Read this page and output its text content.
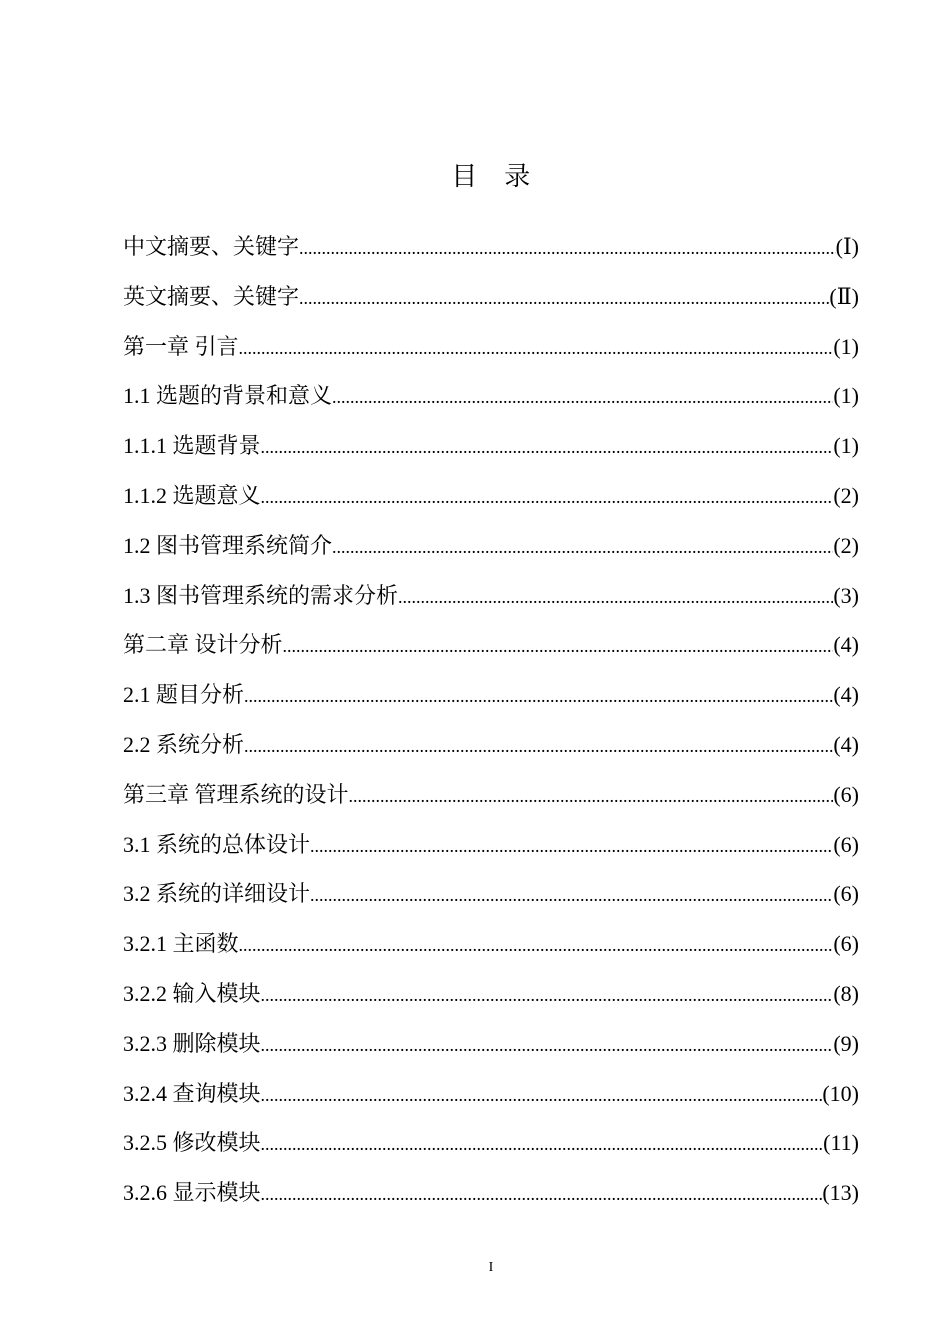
目　录
中文摘要、关键字 .....	(Ⅰ)
英文摘要、关键字 .....	(Ⅱ)
第一章 引言 .....	(1)
1.1 选题的背景和意义 .....	(1)
1.1.1 选题背景 .....	(1)
1.1.2 选题意义 .....	(2)
1.2 图书管理系统简介 .....	(2)
1.3 图书管理系统的需求分析 .....	(3)
第二章 设计分析 .....	(4)
2.1 题目分析 .....	(4)
2.2 系统分析 .....	(4)
第三章 管理系统的设计 .....	(6)
3.1 系统的总体设计 .....	(6)
3.2 系统的详细设计 .....	(6)
3.2.1 主函数 .....	(6)
3.2.2 输入模块 .....	(8)
3.2.3 删除模块 .....	(9)
3.2.4 查询模块 .....	(10)
3.2.5 修改模块 .....	(11)
3.2.6 显示模块 .....	(13)
I
